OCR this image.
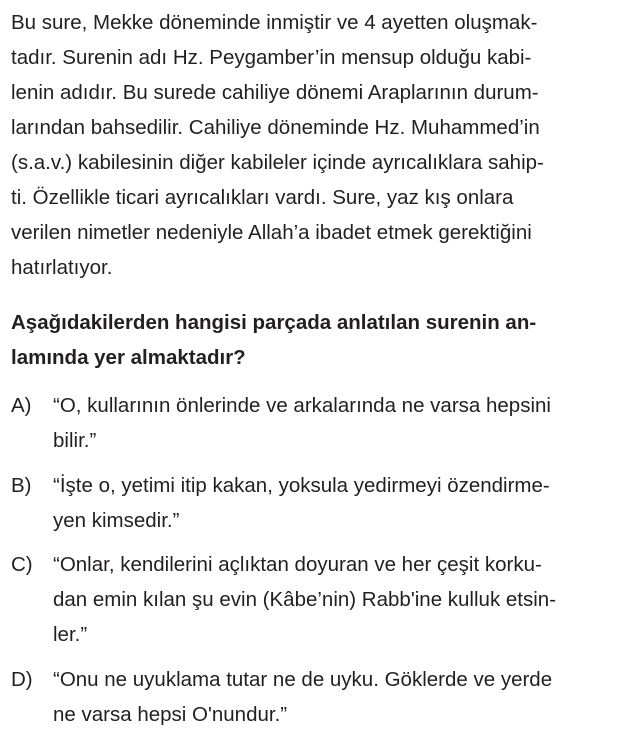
Bu sure, Mekke döneminde inmiştir ve 4 ayetten oluşmak-
tadır. Surenin adı Hz. Peygamber’in mensup olduğu kabi-
lenin adıdır. Bu surede cahiliye dönemi Araplarının durum-
larından bahsedilir. Cahiliye döneminde Hz. Muhammed’in
(s.a.v.) kabilesinin diğer kabileler içinde ayrıcalıklara sahip-
ti. Özellikle ticari ayrıcalıkları vardı. Sure, yaz kış onlara
verilen nimetler nedeniyle Allah’a ibadet etmek gerektiğini
hatırlatıyor.
Aşağıdakilerden hangisi parçada anlatılan surenin an-
lamında yer almaktadır?
A) “O, kullarının önlerinde ve arkalarında ne varsa hepsini
bilir.”
B) “İşte o, yetimi itip kakan, yoksula yedirmeyi özendirme-
yen kimsedir.”
C) “Onlar, kendilerini açlıktan doyuran ve her çeşit korku-
dan emin kılan şu evin (Kâbe’nin) Rabb'ine kulluk etsin-
ler.”
D) “Onu ne uyuklama tutar ne de uyku. Göklerde ve yerde
ne varsa hepsi O'nundur.”
